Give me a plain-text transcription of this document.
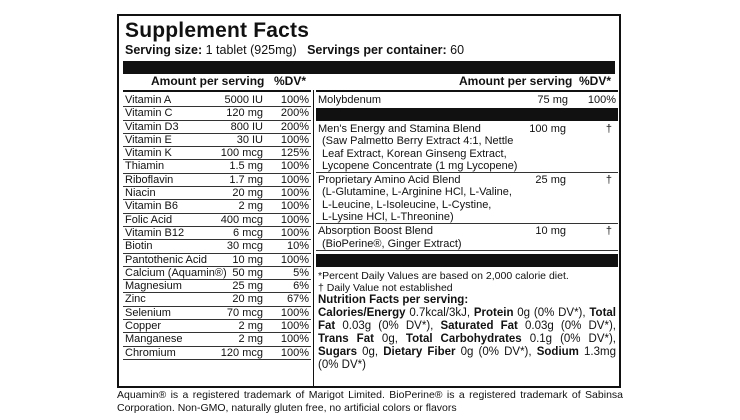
Supplement Facts
Serving size: 1 tablet (925mg) Servings per container: 60
Amount per serving %DV*	Amount per serving %DV*
Vitamin A	5000 IU 100%
Vitamin C	120 mg 200%
Vitamin D3	800 IU 200%
Vitamin E	30 IU 100%
Vitamin K	100 mcg 125%
Thiamin	1.5 mg 100%
Riboflavin	1.7 mg 100%
Niacin	20 mg 100%
Vitamin B6	2 mg 100%
Folic Acid	400 mcg 100%
Vitamin B12	6 mcg 100%
Biotin	30 mcg 10%
Pantothenic Acid 10 mg 100%
Calcium (Aquamin®) 50 mg	5%
Magnesium	25 mg	6%
Zinc	20 mg 67%
Selenium	70 mcg 100%
Copper	2 mg 100%
Manganese	2 mg 100%
Chromium	120 mcg 100%
Molybdenum	75 mg 100%
Men's Energy and Stamina Blend
(Saw Palmetto Berry Extract 4:1, Nettle
Leaf Extract, Korean Ginseng Extract,
Lycopene Concentrate (1 mg Lycopene)
100 mg	†
Proprietary Amino Acid Blend
(L-Glutamine, L-Arginine HCl, L-Valine,
L-Leucine, L-Isoleucine, L-Cystine,
L-Lysine HCl, L-Threonine)
25 mg	†
Absorption Boost Blend
(BioPerine®, Ginger Extract)
10 mg	†
*Percent Daily Values are based on 2,000 calorie diet.
† Daily Value not established
Nutrition Facts per serving:
Calories/Energy 0.7kcal/3kJ, Protein 0g (0% DV*), Total Fat 0.03g (0% DV*), Saturated Fat 0.03g (0% DV*), Trans Fat 0g, Total Carbohydrates 0.1g (0% DV*), Sugars 0g, Dietary Fiber 0g (0% DV*), Sodium 1.3mg (0% DV*)
Aquamin® is a registered trademark of Marigot Limited. BioPerine® is a registered trademark of Sabinsa Corporation. Non-GMO, naturally gluten free, no artificial colors or flavors
